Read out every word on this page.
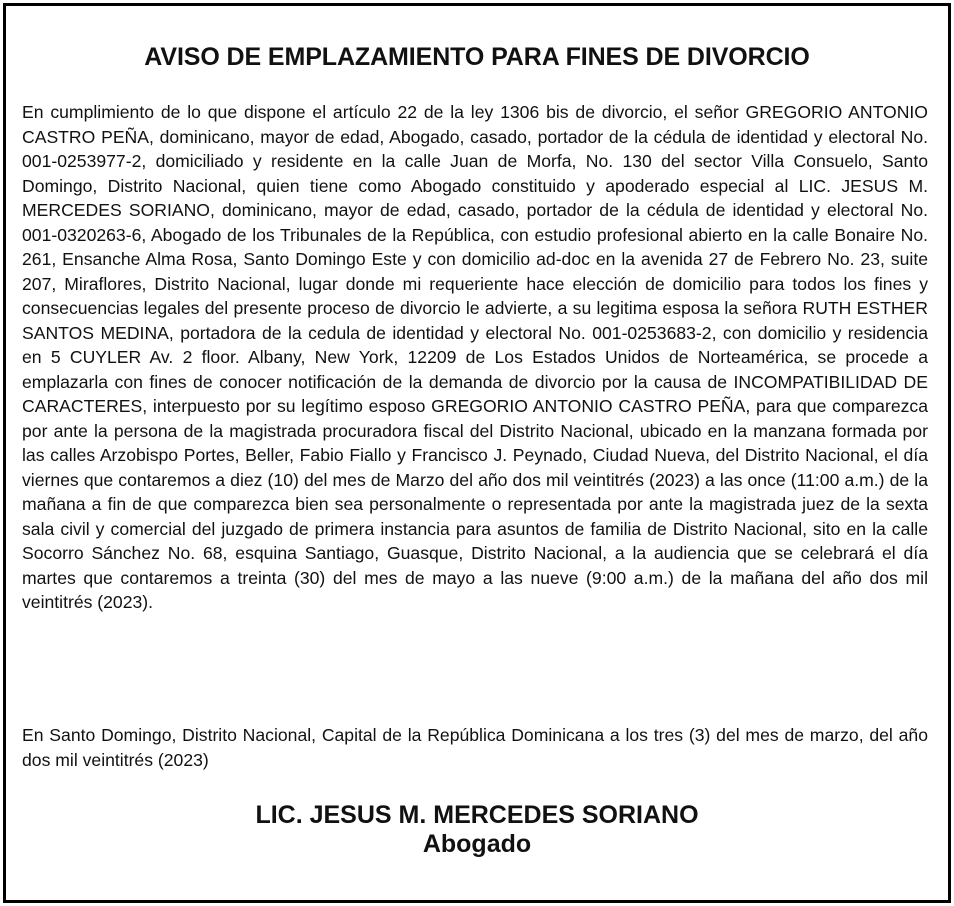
AVISO DE EMPLAZAMIENTO PARA FINES DE DIVORCIO

En cumplimiento de lo que dispone el artículo 22 de la ley 1306 bis de divorcio, el señor GREGORIO ANTONIO CASTRO PEÑA, dominicano, mayor de edad, Abogado, casado, portador de la cédula de identidad y electoral No. 001-0253977-2, domiciliado y residente en la calle Juan de Morfa, No. 130 del sector Villa Consuelo, Santo Domingo, Distrito Nacional, quien tiene como Abogado constituido y apoderado especial al LIC. JESUS M. MERCEDES SORIANO, dominicano, mayor de edad, casado, portador de la cédula de identidad y electoral No. 001-0320263-6, Abogado de los Tribunales de la República, con estudio profesional abierto en la calle Bonaire No. 261, Ensanche Alma Rosa, Santo Domingo Este y con domicilio ad-doc en la avenida 27 de Febrero No. 23, suite 207, Miraflores, Distrito Nacional, lugar donde mi requeriente hace elección de domicilio para todos los fines y consecuencias legales del presente proceso de divorcio le advierte, a su legitima esposa la señora RUTH ESTHER SANTOS MEDINA, portadora de la cedula de identidad y electoral No. 001-0253683-2, con domicilio y residencia en 5 CUYLER Av. 2 floor. Albany, New York, 12209 de Los Estados Unidos de Norteamérica, se procede a emplazarla con fines de conocer notificación de la demanda de divorcio por la causa de INCOMPATIBILIDAD DE CARACTERES, interpuesto por su legítimo esposo GREGORIO ANTONIO CASTRO PEÑA, para que comparezca por ante la persona de la magistrada procuradora fiscal del Distrito Nacional, ubicado en la manzana formada por las calles Arzobispo Portes, Beller, Fabio Fiallo y Francisco J. Peynado, Ciudad Nueva, del Distrito Nacional, el día viernes que contaremos a diez (10) del mes de Marzo del año dos mil veintitrés (2023) a las once (11:00 a.m.) de la mañana a fin de que comparezca bien sea personalmente o representada por ante la magistrada juez de la sexta sala civil y comercial del juzgado de primera instancia para asuntos de familia de Distrito Nacional, sito en la calle Socorro Sánchez No. 68, esquina Santiago, Guasque, Distrito Nacional, a la audiencia que se celebrará el día martes que contaremos a treinta (30) del mes de mayo a las nueve (9:00 a.m.) de la mañana del año dos mil veintitrés (2023).

En Santo Domingo, Distrito Nacional, Capital de la República Dominicana a los tres (3) del mes de marzo, del año dos mil veintitrés (2023)

LIC. JESUS M. MERCEDES SORIANO
Abogado
